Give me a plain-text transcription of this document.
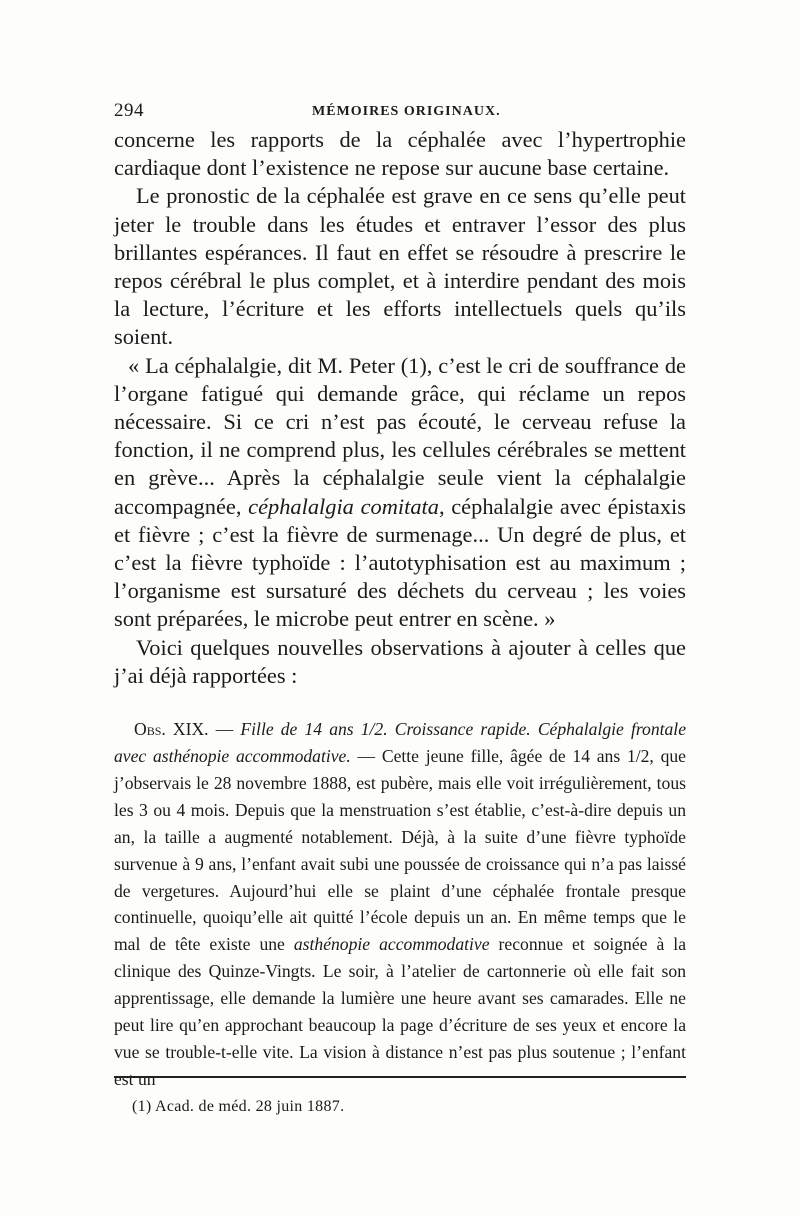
294	MÉMOIRES ORIGINAUX.

concerne les rapports de la céphalée avec l’hypertrophie cardiaque dont l’existence ne repose sur aucune base certaine.

Le pronostic de la céphalée est grave en ce sens qu’elle peut jeter le trouble dans les études et entraver l’essor des plus brillantes espérances. Il faut en effet se résoudre à prescrire le repos cérébral le plus complet, et à interdire pendant des mois la lecture, l’écriture et les efforts intellectuels quels qu’ils soient.

« La céphalalgie, dit M. Peter (1), c’est le cri de souffrance de l’organe fatigué qui demande grâce, qui réclame un repos nécessaire. Si ce cri n’est pas écouté, le cerveau refuse la fonction, il ne comprend plus, les cellules cérébrales se mettent en grève... Après la céphalalgie seule vient la céphalalgie accompagnée, céphalalgia comitata, céphalalgie avec épistaxis et fièvre ; c’est la fièvre de surmenage... Un degré de plus, et c’est la fièvre typhoïde : l’autotyphisation est au maximum ; l’organisme est sursaturé des déchets du cerveau ; les voies sont préparées, le microbe peut entrer en scène. »

Voici quelques nouvelles observations à ajouter à celles que j’ai déjà rapportées :

Obs. XIX. — Fille de 14 ans 1/2. Croissance rapide. Céphalalgie frontale avec asthénopie accommodative. — Cette jeune fille, âgée de 14 ans 1/2, que j’observais le 28 novembre 1888, est pubère, mais elle voit irrégulièrement, tous les 3 ou 4 mois. Depuis que la menstruation s’est établie, c’est-à-dire depuis un an, la taille a augmenté notablement. Déjà, à la suite d’une fièvre typhoïde survenue à 9 ans, l’enfant avait subi une poussée de croissance qui n’a pas laissé de vergetures. Aujourd’hui elle se plaint d’une céphalée frontale presque continuelle, quoiqu’elle ait quitté l’école depuis un an. En même temps que le mal de tête existe une asthénopie accommodative reconnue et soignée à la clinique des Quinze-Vingts. Le soir, à l’atelier de cartonnerie où elle fait son apprentissage, elle demande la lumière une heure avant ses camarades. Elle ne peut lire qu’en approchant beaucoup la page d’écriture de ses yeux et encore la vue se trouble-t-elle vite. La vision à distance n’est pas plus soutenue ; l’enfant est un

(1) Acad. de méd. 28 juin 1887.
